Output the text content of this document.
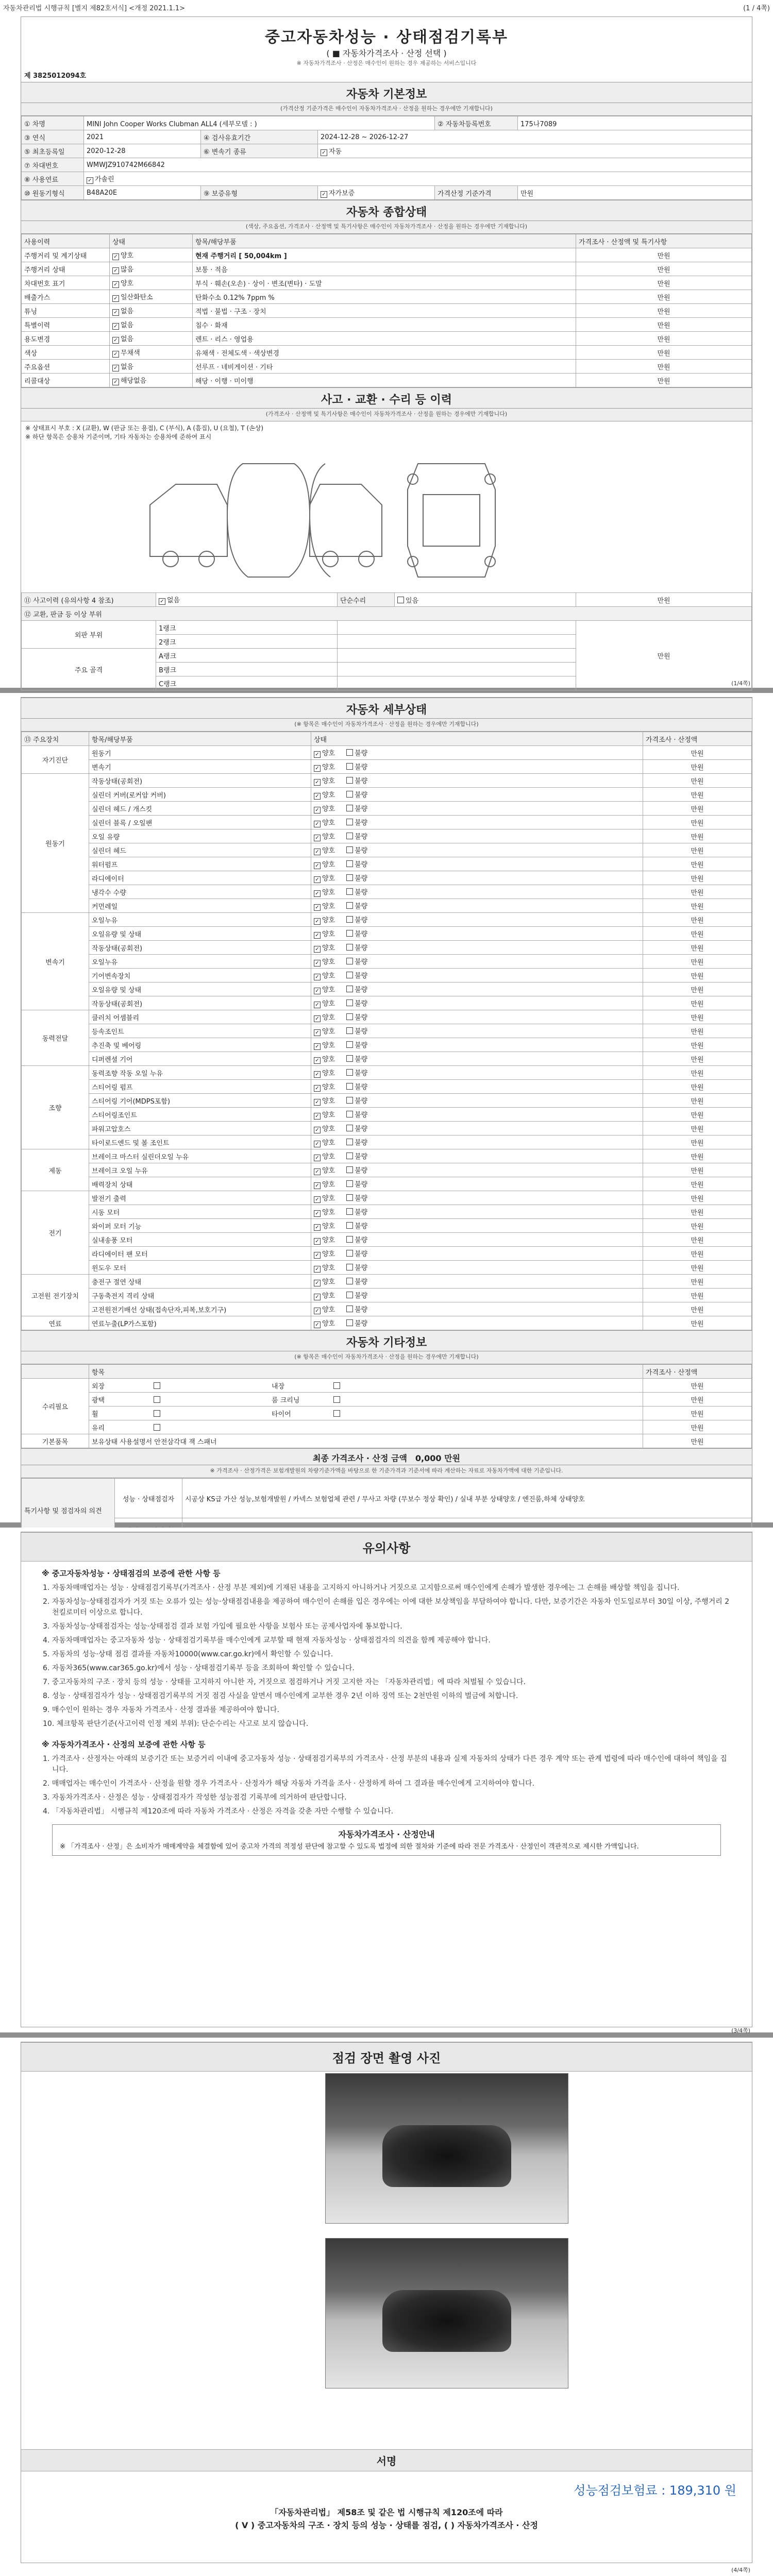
자동차관리법 시행규칙 [별지 제82호서식] <개정 2021.1.1>	(1 / 4쪽)
중고자동차성능 · 상태점검기록부
( ■ 자동차가격조사 · 산정 선택 )
※ 자동차가격조사 · 산정은 매수인이 원하는 경우 제공하는 서비스입니다
제 3825012094호
자동차 기본정보
(가격산정 기준가격은 매수인이 자동차가격조사 · 산정을 원하는 경우에만 기재합니다)
① 차명	MINI John Cooper Works Clubman ALL4 (세부모델 : )			② 자동차등록번호	175나7089
③ 연식	2021	④ 검사유효기간	2024-12-28 ~ 2026-12-27		
⑤ 최초등록일	2020-12-28	⑥ 변속기 종류	✓ 자동		
⑦ 차대번호	WMWJZ910742M66842				
⑧ 사용연료	✓ 가솔린				
⑩ 원동기형식	B48A20E	⑨ 보증유형	✓ 자가보증	가격산정 기준가격	만원
자동차 종합상태
(색상, 주요옵션, 가격조사 · 산정액 및 특기사항은 매수인이 자동차가격조사 · 산정을 원하는 경우에만 기재합니다)
사용이력	상태	항목/해당부품	가격조사 · 산정액 및 특기사항
주행거리 및 계기상태	✓ 양호	현재 주행거리 [ 50,004km ]	만원
주행거리 상태	✓ 많음	보통 · 적음	만원
차대번호 표기	✓ 양호	부식 · 훼손(오손) · 상이 · 변조(변타) · 도말	만원
배출가스	✓ 일산화탄소	탄화수소 0.12% 7ppm %	만원
튜닝	✓ 없음	적법 · 불법 · 구조 · 장치	만원
특별이력	✓ 없음	침수 · 화재	만원
용도변경	✓ 없음	렌트 · 리스 · 영업용	만원
색상	✓ 무채색	유채색 · 전체도색 · 색상변경	만원
주요옵션	✓ 없음	선루프 · 네비게이션 · 기타	만원
리콜대상	✓ 해당없음	해당 · 이행 · 미이행	만원
사고 · 교환 · 수리 등 이력
(가격조사 · 산정액 및 특기사항은 매수인이 자동차가격조사 · 산정을 원하는 경우에만 기재합니다)
※ 상태표시 부호 : X (교환), W (판금 또는 용접), C (부식), A (흠집), U (요철), T (손상)
※ 하단 항목은 승용차 기준이며, 기타 자동차는 승용차에 준하여 표시
⑪ 사고이력 (유의사항 4 참조)	✓ 없음	단순수리	있음	만원
⑫ 교환, 판금 등 이상 부위				
외판 부위	1랭크			만원
	2랭크			
주요 골격	A랭크			
	B랭크			
	C랭크				(1/4쪽)
자동차 세부상태
(※ 항목은 매수인이 자동차가격조사 · 산정을 원하는 경우에만 기재합니다)
⑬ 주요장치	항목/해당부품	상태	가격조사 · 산정액
자기진단	원동기	✓ 양호 불량	만원
	변속기	✓ 양호 불량	만원
원동기	작동상태(공회전)	✓ 양호 불량	만원
	실린더 커버(로커암 커버)	✓ 양호 불량	만원
	실린더 헤드 / 개스킷	✓ 양호 불량	만원
	실린더 블록 / 오일팬	✓ 양호 불량	만원
	오일 유량	✓ 양호 불량	만원
	실린더 헤드	✓ 양호 불량	만원
	워터펌프	✓ 양호 불량	만원
	라디에이터	✓ 양호 불량	만원
	냉각수 수량	✓ 양호 불량	만원
	커먼레일	✓ 양호 불량	만원
변속기	오일누유	✓ 양호 불량	만원
	오일유량 및 상태	✓ 양호 불량	만원
	작동상태(공회전)	✓ 양호 불량	만원
	오일누유	✓ 양호 불량	만원
	기어변속장치	✓ 양호 불량	만원
	오일유량 및 상태	✓ 양호 불량	만원
	작동상태(공회전)	✓ 양호 불량	만원
동력전달	클러치 어셈블리	✓ 양호 불량	만원
	등속조인트	✓ 양호 불량	만원
	추진축 및 베어링	✓ 양호 불량	만원
	디퍼렌셜 기어	✓ 양호 불량	만원
조향	동력조향 작동 오일 누유	✓ 양호 불량	만원
	스티어링 펌프	✓ 양호 불량	만원
	스티어링 기어(MDPS포함)	✓ 양호 불량	만원
	스티어링조인트	✓ 양호 불량	만원
	파워고압호스	✓ 양호 불량	만원
	타이로드엔드 및 볼 조인트	✓ 양호 불량	만원
제동	브레이크 마스터 실린더오일 누유	✓ 양호 불량	만원
	브레이크 오일 누유	✓ 양호 불량	만원
	배력장치 상태	✓ 양호 불량	만원
전기	발전기 출력	✓ 양호 불량	만원
	시동 모터	✓ 양호 불량	만원
	와이퍼 모터 기능	✓ 양호 불량	만원
	실내송풍 모터	✓ 양호 불량	만원
	라디에이터 팬 모터	✓ 양호 불량	만원
	윈도우 모터	✓ 양호 불량	만원
고전원 전기장치	충전구 절연 상태	✓ 양호 불량	만원
	구동축전지 격리 상태	✓ 양호 불량	만원
	고전원전기배선 상태(접속단자,피복,보호기구)	✓ 양호 불량	만원
연료	연료누출(LP가스포함)	✓ 양호 불량	만원
자동차 기타정보
(※ 항목은 매수인이 자동차가격조사 · 산정을 원하는 경우에만 기재합니다)
	항목	가격조사 · 산정액
수리필요	외장　 내장	만원
	광택　 룸 크리닝	만원
	휠　 타이어	만원
	유리	만원
기본품목	보유상태 사용설명서 안전삼각대 잭 스패너	만원
최종 가격조사 · 산정 금액　 0,000 만원
※ 가격조사 · 산정가격은 보험개발원의 차량기준가액을 바탕으로 한 기준가격과 기준서에 따라 계산하는 자료로 자동차가액에 대한 기준입니다.
특기사항 및 점검자의 의견	성능 · 상태점검자	시공상 KS급 가산 성능,보험개발원 / 카넥스 보험업체 관련 / 무사고 차량 (무보수 정상 확인) / 실내 부분 상태양호 / 엔진룸,하체 상태양호

유의사항
※ 중고자동차성능 · 상태점검의 보증에 관한 사항 등

1. 자동차매매업자는 성능 · 상태점검기록부(가격조사 · 산정 부분 제외)에 기재된 내용을 고지하지 아니하거나 거짓으로 고지함으로써 매수인에게 손해가 발생한 경우에는 그 손해를 배상할 책임을 집니다.

2. 자동차성능·상태점검자가 거짓 또는 오류가 있는 성능·상태점검내용을 제공하여 매수인이 손해를 입은 경우에는 이에 대한 보상책임을 부담하여야 합니다. 다만, 보증기간은 자동차 인도일로부터 30일 이상, 주행거리 2천킬로미터 이상으로 합니다.

3. 자동차성능·상태점검자는 성능·상태점검 결과 보험 가입에 필요한 사항을 보험사 또는 공제사업자에 통보합니다.

4. 자동차매매업자는 중고자동차 성능 · 상태점검기록부를 매수인에게 교부할 때 현재 자동차성능 · 상태점검자의 의견을 함께 제공해야 합니다.

5. 자동차의 성능·상태 점검 결과를 자동차10000(www.car.go.kr)에서 확인할 수 있습니다.

6. 자동차365(www.car365.go.kr)에서 성능 · 상태점검기록부 등을 조회하여 확인할 수 있습니다.

7. 중고자동차의 구조 · 장치 등의 성능 · 상태를 고지하지 아니한 자, 거짓으로 점검하거나 거짓 고지한 자는 「자동차관리법」에 따라 처벌될 수 있습니다.

8. 성능 · 상태점검자가 성능 · 상태점검기록부의 거짓 점검 사실을 알면서 매수인에게 교부한 경우 2년 이하 징역 또는 2천만원 이하의 벌금에 처합니다.

9. 매수인이 원하는 경우 자동차 가격조사 · 산정 결과를 제공하여야 합니다.

10. 체크항목 판단기준(사고이력 인정 제외 부위): 단순수리는 사고로 보지 않습니다.

※ 자동차가격조사 · 산정의 보증에 관한 사항 등

1. 가격조사 · 산정자는 아래의 보증기간 또는 보증거리 이내에 중고자동차 성능 · 상태점검기록부의 가격조사 · 산정 부분의 내용과 실제 자동차의 상태가 다른 경우 계약 또는 관계 법령에 따라 매수인에 대하여 책임을 집니다.

2. 매매업자는 매수인이 가격조사 · 산정을 원할 경우 가격조사 · 산정자가 해당 자동차 가격을 조사 · 산정하게 하여 그 결과를 매수인에게 고지하여야 합니다.

3. 자동차가격조사 · 산정은 성능 · 상태점검자가 작성한 성능점검 기록부에 의거하여 판단합니다.

4. 「자동차관리법」 시행규칙 제120조에 따라 자동차 가격조사 · 산정은 자격을 갖춘 자만 수행할 수 있습니다.

자동차가격조사 · 산정안내
※ 「가격조사 · 산정」은 소비자가 매매계약을 체결함에 있어 중고차 가격의 적정성 판단에 참고할 수 있도록 법정에 의한 절차와 기준에 따라 전문 가격조사 · 산정인이 객관적으로 제시한 가액입니다.
(3/4쪽)
점검 장면 촬영 사진
서명
성능점검보험료 : 189,310 원
「자동차관리법」 제58조 및 같은 법 시행규칙 제120조에 따라
( V ) 중고자동차의 구조 · 장치 등의 성능 · 상태를 점검, ( ) 자동차가격조사 · 산정
(4/4쪽)
